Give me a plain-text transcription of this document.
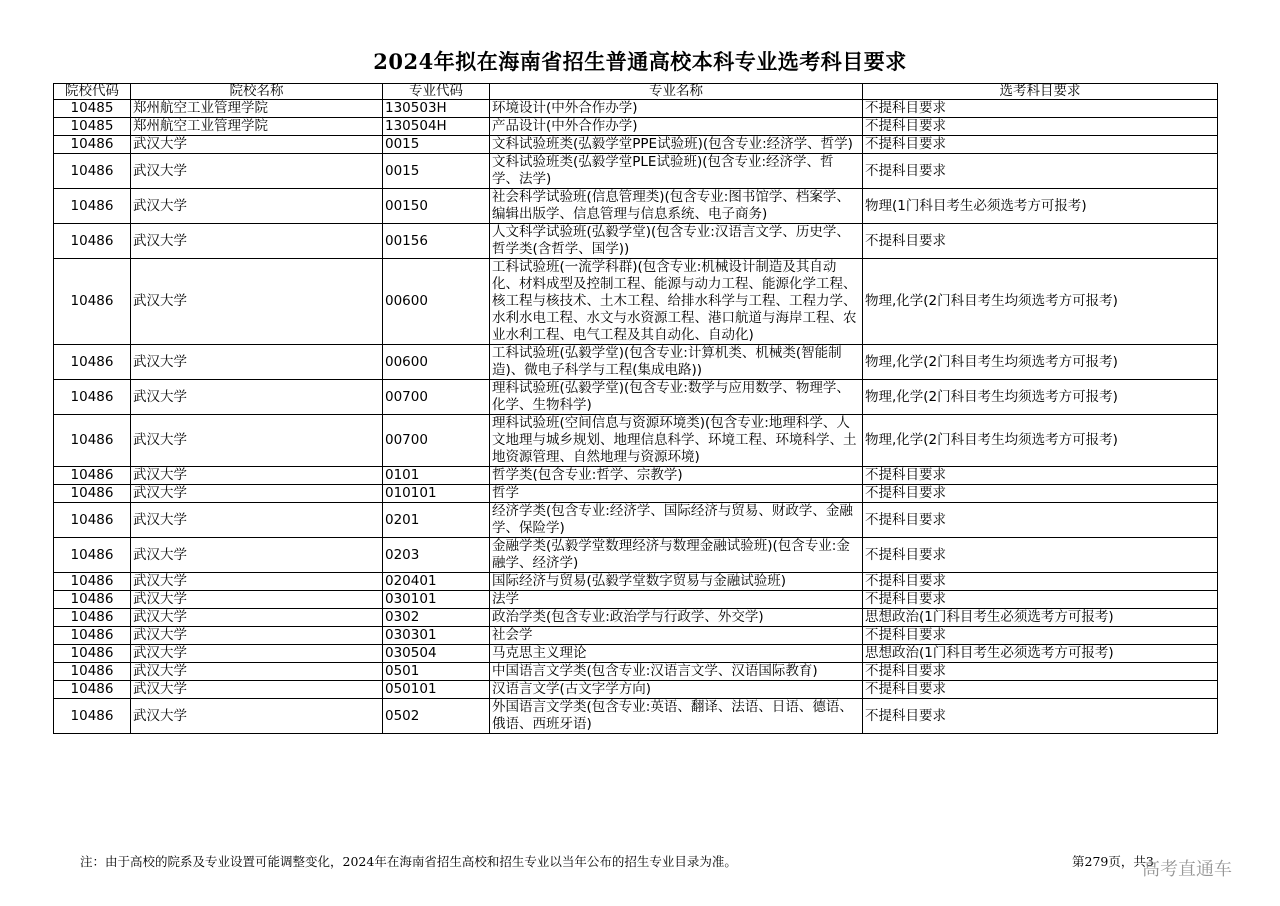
2024年拟在海南省招生普通高校本科专业选考科目要求
院校代码	院校名称	专业代码	专业名称	选考科目要求
10485	郑州航空工业管理学院	130503H	环境设计(中外合作办学)	不提科目要求
10485	郑州航空工业管理学院	130504H	产品设计(中外合作办学)	不提科目要求
10486	武汉大学	0015	文科试验班类(弘毅学堂PPE试验班)(包含专业:经济学、哲学)	不提科目要求
10486	武汉大学	0015	文科试验班类(弘毅学堂PLE试验班)(包含专业:经济学、哲学、法学)	不提科目要求
10486	武汉大学	00150	社会科学试验班(信息管理类)(包含专业:图书馆学、档案学、编辑出版学、信息管理与信息系统、电子商务)	物理(1门科目考生必须选考方可报考)
10486	武汉大学	00156	人文科学试验班(弘毅学堂)(包含专业:汉语言文学、历史学、哲学类(含哲学、国学))	不提科目要求
10486	武汉大学	00600	工科试验班(一流学科群)(包含专业:机械设计制造及其自动化、材料成型及控制工程、能源与动力工程、能源化学工程、核工程与核技术、土木工程、给排水科学与工程、工程力学、水利水电工程、水文与水资源工程、港口航道与海岸工程、农业水利工程、电气工程及其自动化、自动化)	物理,化学(2门科目考生均须选考方可报考)
10486	武汉大学	00600	工科试验班(弘毅学堂)(包含专业:计算机类、机械类(智能制造)、微电子科学与工程(集成电路))	物理,化学(2门科目考生均须选考方可报考)
10486	武汉大学	00700	理科试验班(弘毅学堂)(包含专业:数学与应用数学、物理学、化学、生物科学)	物理,化学(2门科目考生均须选考方可报考)
10486	武汉大学	00700	理科试验班(空间信息与资源环境类)(包含专业:地理科学、人文地理与城乡规划、地理信息科学、环境工程、环境科学、土地资源管理、自然地理与资源环境)	物理,化学(2门科目考生均须选考方可报考)
10486	武汉大学	0101	哲学类(包含专业:哲学、宗教学)	不提科目要求
10486	武汉大学	010101	哲学	不提科目要求
10486	武汉大学	0201	经济学类(包含专业:经济学、国际经济与贸易、财政学、金融学、保险学)	不提科目要求
10486	武汉大学	0203	金融学类(弘毅学堂数理经济与数理金融试验班)(包含专业:金融学、经济学)	不提科目要求
10486	武汉大学	020401	国际经济与贸易(弘毅学堂数字贸易与金融试验班)	不提科目要求
10486	武汉大学	030101	法学	不提科目要求
10486	武汉大学	0302	政治学类(包含专业:政治学与行政学、外交学)	思想政治(1门科目考生必须选考方可报考)
10486	武汉大学	030301	社会学	不提科目要求
10486	武汉大学	030504	马克思主义理论	思想政治(1门科目考生必须选考方可报考)
10486	武汉大学	0501	中国语言文学类(包含专业:汉语言文学、汉语国际教育)	不提科目要求
10486	武汉大学	050101	汉语言文学(古文字学方向)	不提科目要求
10486	武汉大学	0502	外国语言文学类(包含专业:英语、翻译、法语、日语、德语、俄语、西班牙语)	不提科目要求
注：由于高校的院系及专业设置可能调整变化，2024年在海南省招生高校和招生专业以当年公布的招生专业目录为准。	第279页，共3
高考直通车
